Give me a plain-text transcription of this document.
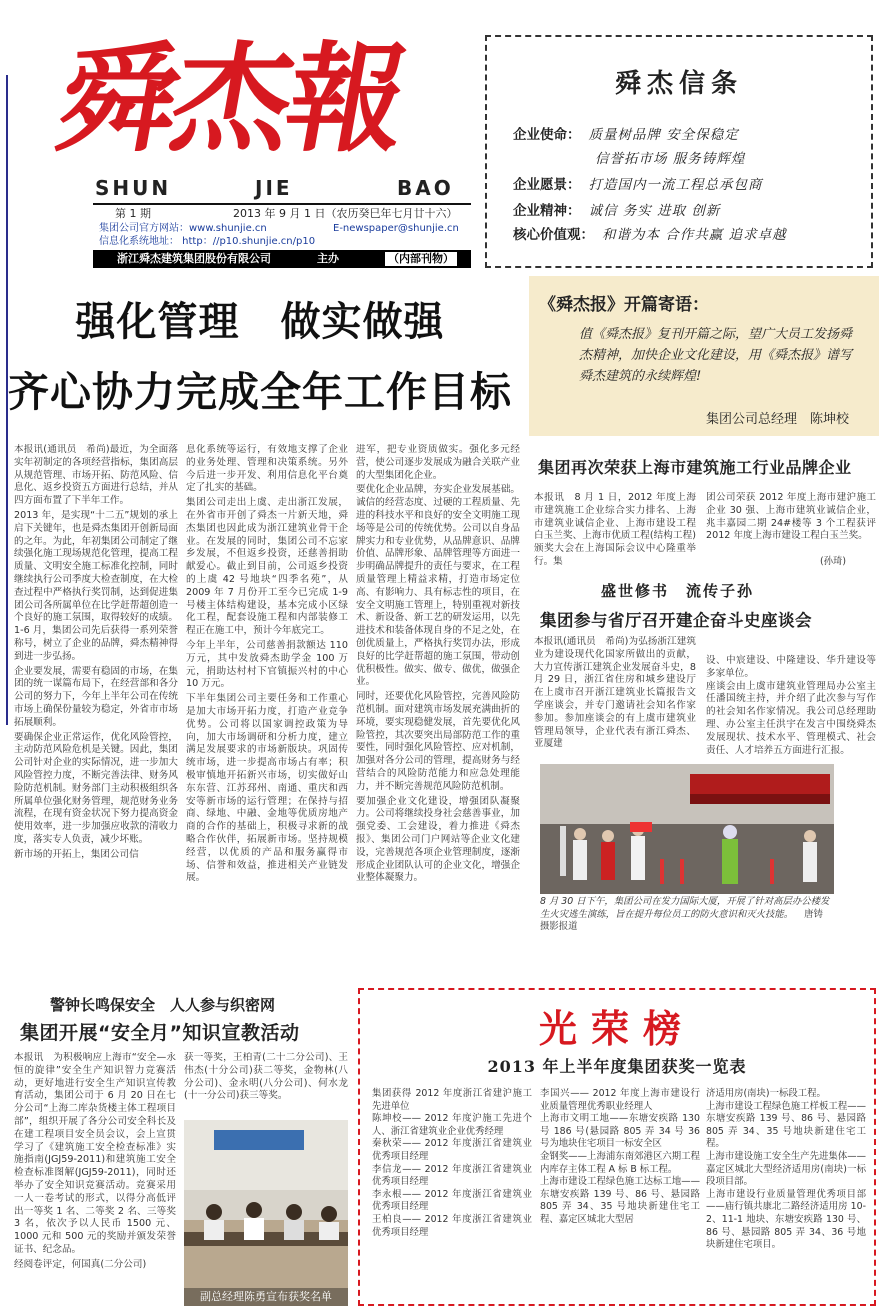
舜杰報
SHUN	JIE	BAO
第 1 期	2013 年 9 月 1 日（农历癸巳年七月廿十六）
集团公司官方网站：www.shunjie.cn	E-newspaper@shunjie.cn
信息化系统地址： http：//p10.shunjie.cn/p10
浙江舜杰建筑集团股份有限公司	主办	（内部刊物）
舜杰信条
企业使命： 质量树品牌 安全保稳定
信誉拓市场 服务铸辉煌
企业愿景： 打造国内一流工程总承包商
企业精神： 诚信 务实 进取 创新
核心价值观： 和谐为本 合作共赢 追求卓越
强化管理　做实做强
齐心协力完成全年工作目标

本报讯(通讯员　希尚)最近，为全面落实年初制定的各项经营指标，集团高层从规范管理、市场开拓、防范风险、信息化、返乡投资五方面进行总结，并从四方面布置了下半年工作。

2013 年，是实现“十二五”规划的承上启下关键年，也是舜杰集团开创新局面的之年。为此，年初集团公司制定了继续强化施工现场规范化管理，提高工程质量、文明安全施工标准化控制，同时继续执行公司季度大检查制度，在大检查过程中严格执行奖罚制，达到促进集团公司各所属单位在比学赶帮超创造一个良好的施工氛围，取得较好的成绩。1-6 月，集团公司先后获得一系列荣誉称号，树立了企业的品牌，舜杰精神得到进一步弘扬。

企业要发展，需要有稳固的市场，在集团的统一谋篇布局下，在经营部和各分公司的努力下，今年上半年公司在传统市场上确保份量较为稳定，外省市市场拓展顺利。

要确保企业正常运作，优化风险管控，主动防范风险危机是关键。因此，集团公司针对企业的实际情况，进一步加大风险管控力度，不断完善法律、财务风险防范机制。财务部门主动积极组织各所属单位强化财务管理，规范财务业务流程，在现有资金状况下努力提高资金使用效率，进一步加强应收款的清收力度，落实专人负责，减少坏账。

新市场的开拓上，集团公司信

息化系统等运行，有效地支撑了企业的业务处理、管理和决策系统。另外今后进一步开发、利用信息化平台奠定了扎实的基础。

集团公司走出上虞、走出浙江发展，在外省市开创了舜杰一片新天地，舜杰集团也因此成为浙江建筑业骨干企业。在发展的同时，集团公司不忘家乡发展，不但返乡投资，还慈善捐助献爱心。截止到目前，公司返乡投资的上虞 42 号地块“四季名苑”，从 2009 年 7 月份开工至今已完成 1-9 号楼主体结构建设，基本完成小区绿化工程，配套设施工程和内部装修工程正在施工中，预计今年底完工。

今年上半年，公司慈善捐款额达 110 万元，其中发放舜杰助学金 100 万元，捐助达村村下官镇振兴村的中心 10 万元。

下半年集团公司主要任务和工作重心是加大市场开拓力度，打造产业竞争优势。公司将以国家调控政策为导向，加大市场调研和分析力度，建立满足发展要求的市场新版块。巩固传统市场，进一步提高市场占有率；积极审慎地开拓新兴市场，切实做好山东东营、江苏邳州、南通、重庆和西安等新市场的运行管理；在保持与招商、绿地、中融、金地等优质房地产商的合作的基础上，积极寻求新的战略合作伙伴，拓展新市场。坚持规模经营，以优质的产品和服务赢得市场、信誉和效益，推进相关产业链发展。

进军，把专业资质做实。强化多元经营，使公司逐步发展成为融合关联产业的大型集团化企业。

要优化企业品牌，夯实企业发展基础。诚信的经营态度、过硬的工程质量、先进的科技水平和良好的安全文明施工现场等是公司的传统优势。公司以自身品牌实力和专业优势，从品牌意识、品牌价值、品牌形象、品牌管理等方面进一步明确品牌提升的责任与要求，在工程质量管理上精益求精，打造市场定位高、有影响力、具有标志性的项目，在安全文明施工管理上，特别重视对新技术、新设备、新工艺的研发运用，以先进技术和装备体现自身的不足之处，在创优质量上，严格执行奖罚办法，形成良好的比学赶帮超的施工氛围，带动创优积极性。做实、做专、做优，做强企业。

同时，还要优化风险管控，完善风险防范机制。面对建筑市场发展充满曲折的环境，要实现稳健发展，首先要优化风险管控，其次要突出局部防范工作的重要性，同时强化风险管控、应对机制，加强对各分公司的管理，提高财务与经营结合的风险防范能力和应急处理能力，并不断完善规范风险防范机制。

要加强企业文化建设，增强团队凝聚力。公司将继续投身社会慈善事业，加强党委、工会建设，着力推进《舜杰报》、集团公司门户网站等企业文化建设，完善规范各项企业管理制度，逐渐形成企业团队认可的企业文化，增强企业整体凝聚力。

《舜杰报》开篇寄语：
值《舜杰报》复刊开篇之际，望广大员工发扬舜杰精神，加快企业文化建设，用《舜杰报》谱写舜杰建筑的永续辉煌!
集团公司总经理　陈坤校
集团再次荣获上海市建筑施工行业品牌企业

本报讯　8 月 1 日，2012 年度上海市建筑施工企业综合实力排名、上海市建筑业诚信企业、上海市建设工程白玉兰奖、上海市优质工程(结构工程)颁奖大会在上海国际会议中心隆重举行。集

团公司荣获 2012 年度上海市建沪施工企业 30 强、上海市建筑业诚信企业，兆丰嘉园二期 24#楼等 3 个工程获评 2012 年度上海市建设工程白玉兰奖。

(孙琦)
盛世修书　流传子孙
集团参与省厅召开建企奋斗史座谈会

本报讯(通讯员　希尚)为弘扬浙江建筑业为建设现代化国家所做出的贡献，大力宣传浙江建筑企业发展奋斗史，8 月 29 日，浙江省住房和城乡建设厅在上虞市召开浙江建筑业长篇报告文学座谈会，并专门邀请社会知名作家参加。参加座谈会的有上虞市建筑业管理局领导，企业代表有浙江舜杰、亚厦建

设、中宸建设、中隆建设、华升建设等多家单位。
座谈会由上虞市建筑业管理局办公室主任潘国统主持，并介绍了此次参与写作的社会知名作家情况。我公司总经理助理、办公室主任洪宇在发言中围绕舜杰发展现状、技术水平、管理模式、社会责任、人才培养五方面进行汇报。

8 月 30 日下午，集团公司在发力国际大厦，开展了针对高层办公楼发生火灾逃生演练，旨在提升每位员工的防火意识和灭火技能。 唐铸　摄影报道
警钟长鸣保安全　人人参与织密网
集团开展“安全月”知识宣教活动

本报讯　为积极响应上海市“安全—永恒的旋律”安全生产知识智力竞赛活动，更好地进行安全生产知识宣传教育活动，集团公司于 6 月 20 日在七分公司“上海二库杂货楼主体工程项目部”，组织开展了各分公司安全科长及在建工程项目安全员会议，会上宣贯学习了《建筑施工安全检查标准》实施指南(JGJ59-2011)和建筑施工安全检查标准图解(JGJ59-2011)，同时还举办了安全知识竞赛活动。竞赛采用一人一卷考试的形式，以得分高低评出一等奖 1 名、二等奖 2 名、三等奖 3 名，依次予以人民币 1500 元、1000 元和 500 元的奖励并颁发荣誉证书、纪念品。

经阅卷评定，何国真(二分公司)

获一等奖，王柏青(二十二分公司)、王伟杰(十分公司)获二等奖，金物林(八分公司)、金永明(八分公司)、何水龙(十一分公司)获三等奖。

副总经理陈勇宣布获奖名单
光荣榜
2013 年上半年度集团获奖一览表

集团获得 2012 年度浙江省建沪施工先进单位

陈坤校—— 2012 年度沪施工先进个人、浙江省建筑业企业优秀经理

秦秋荣—— 2012 年度浙江省建筑业优秀项目经理

李信龙—— 2012 年度浙江省建筑业优秀项目经理

李永根—— 2012 年度浙江省建筑业优秀项目经理

王柏良—— 2012 年度浙江省建筑业优秀项目经理

李国兴—— 2012 年度上海市建设行业质量管理优秀职业经理人

上海市文明工地——东塘安疾路 130 号 186 号(悬园路 805 弄 34 号 36 号为地块住宅项目一标安全区

金钢奖——上海浦东南郊港区六期工程内库存主体工程 A 标 B 标工程。

上海市建设工程绿色施工达标工地——东塘安疾路 139 号、86 号、悬园路 805 弄 34、35 号地块新建住宅工程、嘉定区城北大型居

济适用房(南块)一标段工程。

上海市建设工程绿色施工样板工程——东塘安疾路 139 号、86 号、悬园路 805 弄 34、35 号地块新建住宅工程。

上海市建设施工安全生产先进集体——嘉定区城北大型经济适用房(南块)一标段项目部。

上海市建设行业质量管理优秀项目部——庙行镇共康北二路经济适用房 10-2、11-1 地块、东塘安疾路 130 号、86 号、悬园路 805 弄 34、36 号地块新建住宅项目。
